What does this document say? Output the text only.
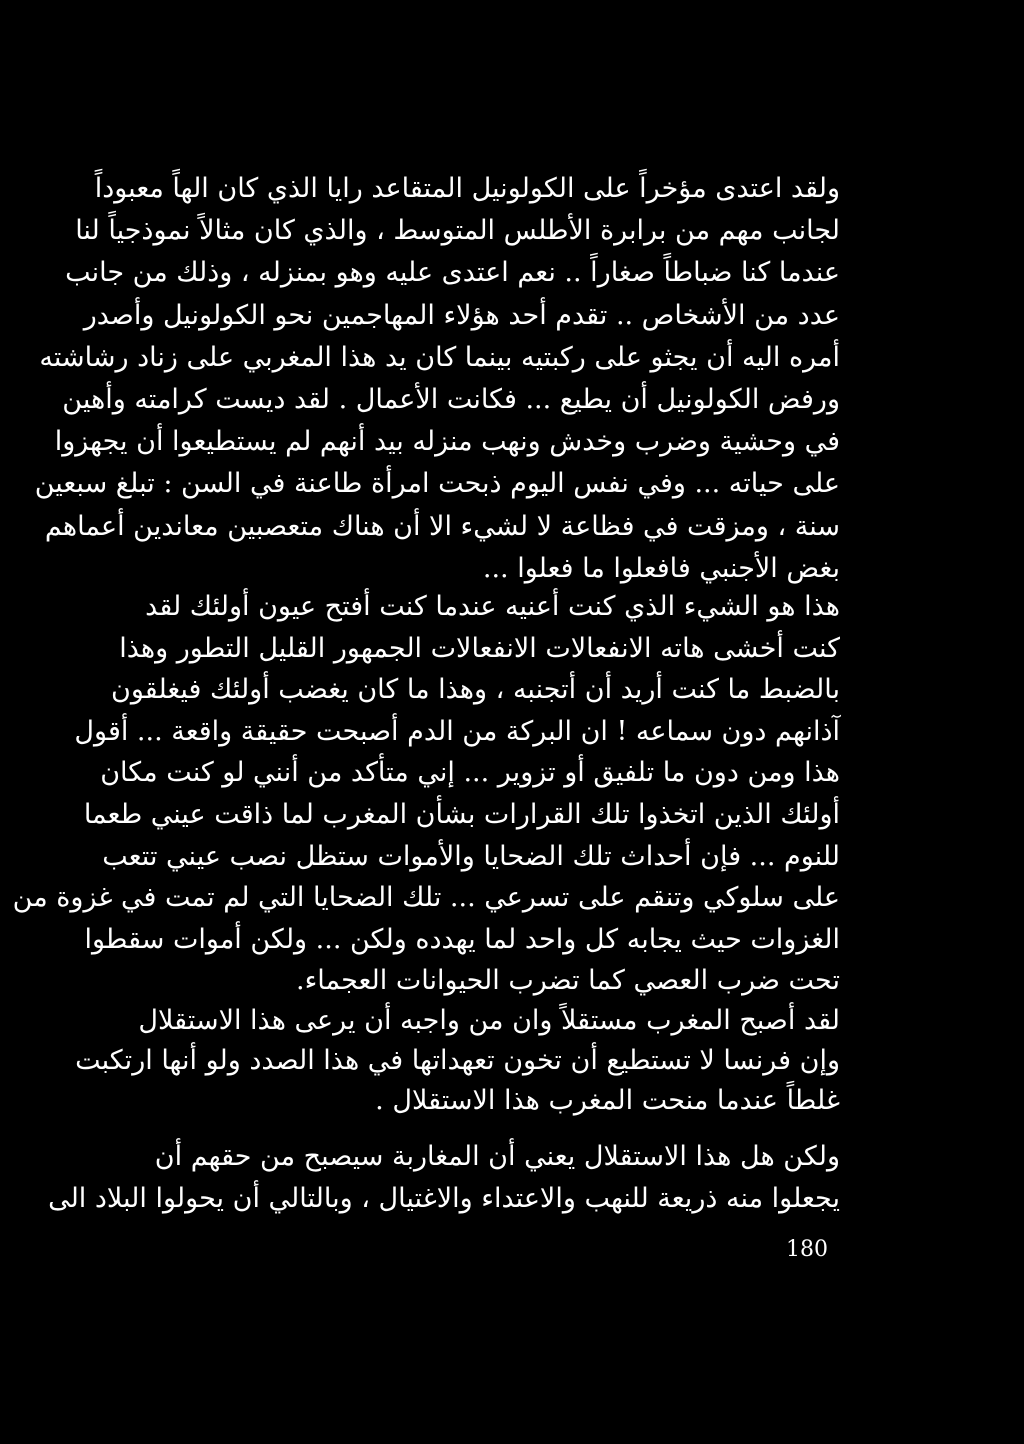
ولقد اعتدى مؤخراً على الكولونيل المتقاعد رايا الذي كان الهاً معبوداً
لجانب مهم من برابرة الأطلس المتوسط ، والذي كان مثالاً نموذجياً لنا
عندما كنا ضباطاً صغاراً .. نعم اعتدى عليه وهو بمنزله ، وذلك من جانب
عدد من الأشخاص .. تقدم أحد هؤلاء المهاجمين نحو الكولونيل وأصدر
أمره اليه أن يجثو على ركبتيه بينما كان يد هذا المغربي على زناد رشاشته
ورفض الكولونيل أن يطيع ... فكانت الأعمال . لقد ديست كرامته وأهين
في وحشية وضرب وخدش ونهب منزله بيد أنهم لم يستطيعوا أن يجهزوا
على حياته ... وفي نفس اليوم ذبحت امرأة طاعنة في السن : تبلغ سبعين
سنة ، ومزقت في فظاعة لا لشيء الا أن هناك متعصبين معاندين أعماهم
بغض الأجنبي فافعلوا ما فعلوا ...
هذا هو الشيء الذي كنت أعنيه عندما كنت أفتح عيون أولئك لقد
كنت أخشى هاته الانفعالات الانفعالات الجمهور القليل التطور وهذا
بالضبط ما كنت أريد أن أتجنبه ، وهذا ما كان يغضب أولئك فيغلقون
آذانهم دون سماعه ! ان البركة من الدم أصبحت حقيقة واقعة ... أقول
هذا ومن دون ما تلفيق أو تزوير ... إني متأكد من أنني لو كنت مكان
أولئك الذين اتخذوا تلك القرارات بشأن المغرب لما ذاقت عيني طعما
للنوم ... فإن أحداث تلك الضحايا والأموات ستظل نصب عيني تتعب
على سلوكي وتنقم على تسرعي ... تلك الضحايا التي لم تمت في غزوة من
الغزوات حيث يجابه كل واحد لما يهدده ولكن ... ولكن أموات سقطوا
تحت ضرب العصي كما تضرب الحيوانات العجماء.
لقد أصبح المغرب مستقلاً وان من واجبه أن يرعى هذا الاستقلال
وإن فرنسا لا تستطيع أن تخون تعهداتها في هذا الصدد ولو أنها ارتكبت
غلطاً عندما منحت المغرب هذا الاستقلال .
ولكن هل هذا الاستقلال يعني أن المغاربة سيصبح من حقهم أن
يجعلوا منه ذريعة للنهب والاعتداء والاغتيال ، وبالتالي أن يحولوا البلاد الى
180
